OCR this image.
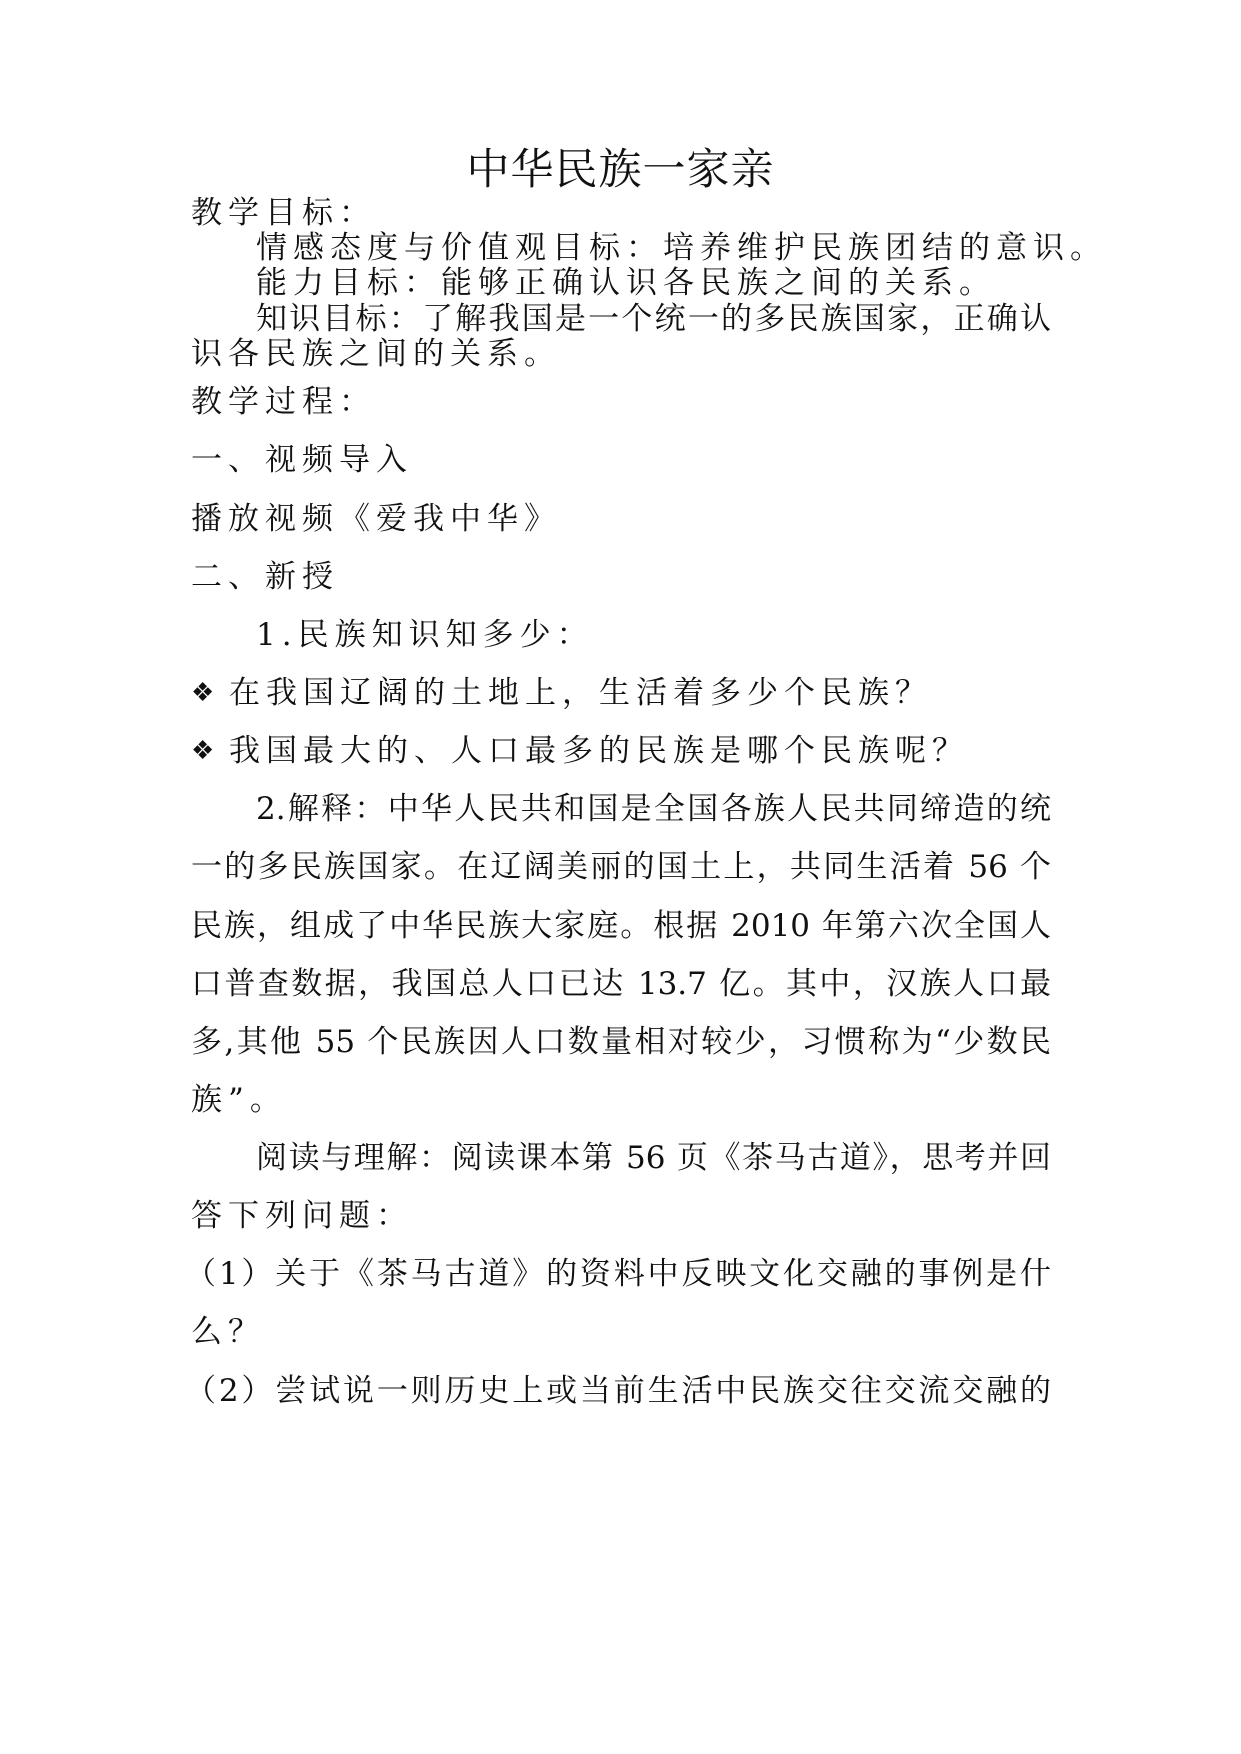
中华民族一家亲
教学目标：
情感态度与价值观目标：培养维护民族团结的意识。
能力目标：能够正确认识各民族之间的关系。
知识目标：了解我国是一个统一的多民族国家，正确认
识各民族之间的关系。
教学过程：
一、视频导入
播放视频《爱我中华》
二、新授
1.民族知识知多少：
❖ 在我国辽阔的土地上，生活着多少个民族？
❖ 我国最大的、人口最多的民族是哪个民族呢？
2.解释：中华人民共和国是全国各族人民共同缔造的统
一的多民族国家。在辽阔美丽的国土上，共同生活着 56 个
民族，组成了中华民族大家庭。根据 2010 年第六次全国人
口普查数据，我国总人口已达 13.7 亿。其中，汉族人口最
多,其他 55 个民族因人口数量相对较少，习惯称为“少数民
族”。
阅读与理解：阅读课本第 56 页《茶马古道》，思考并回
答下列问题：
（1）关于《茶马古道》的资料中反映文化交融的事例是什
么？
（2）尝试说一则历史上或当前生活中民族交往交流交融的
